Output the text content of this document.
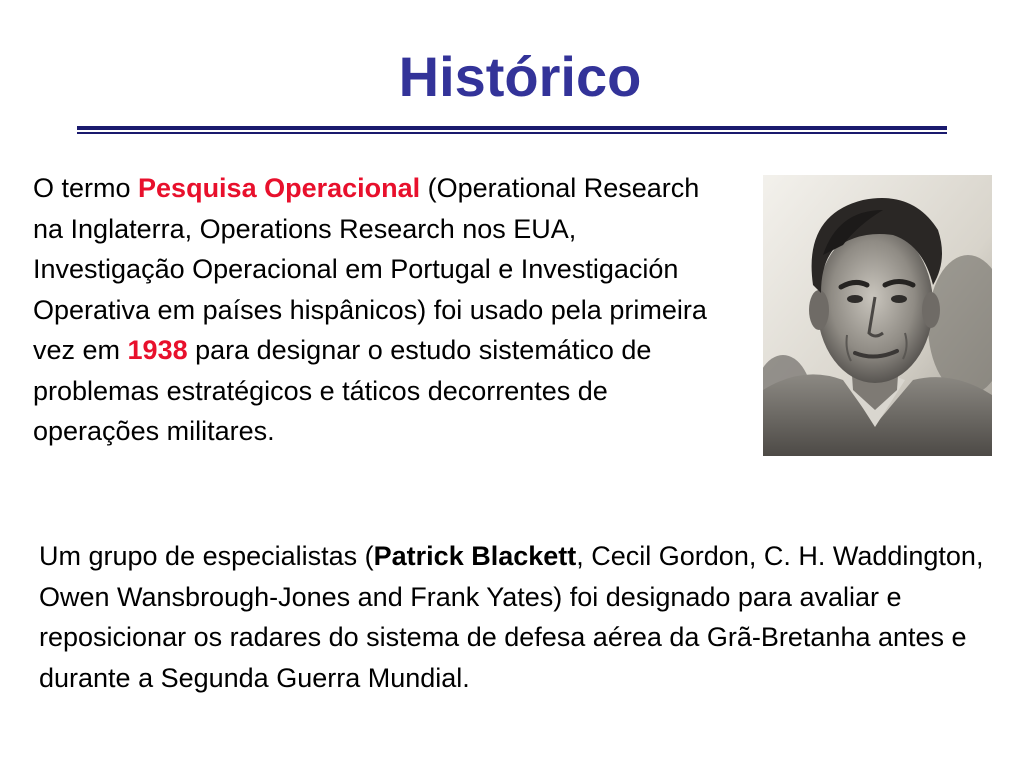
Histórico

O termo Pesquisa Operacional (Operational Research na Inglaterra, Operations Research nos EUA, Investigação Operacional em Portugal e Investigación Operativa em países hispânicos) foi usado pela primeira vez em 1938 para designar o estudo sistemático de problemas estratégicos e táticos decorrentes de operações militares.

Um grupo de especialistas (Patrick Blackett, Cecil Gordon, C. H. Waddington, Owen Wansbrough-Jones and Frank Yates) foi designado para avaliar e reposicionar os radares do sistema de defesa aérea da Grã-Bretanha antes e durante a Segunda Guerra Mundial.
